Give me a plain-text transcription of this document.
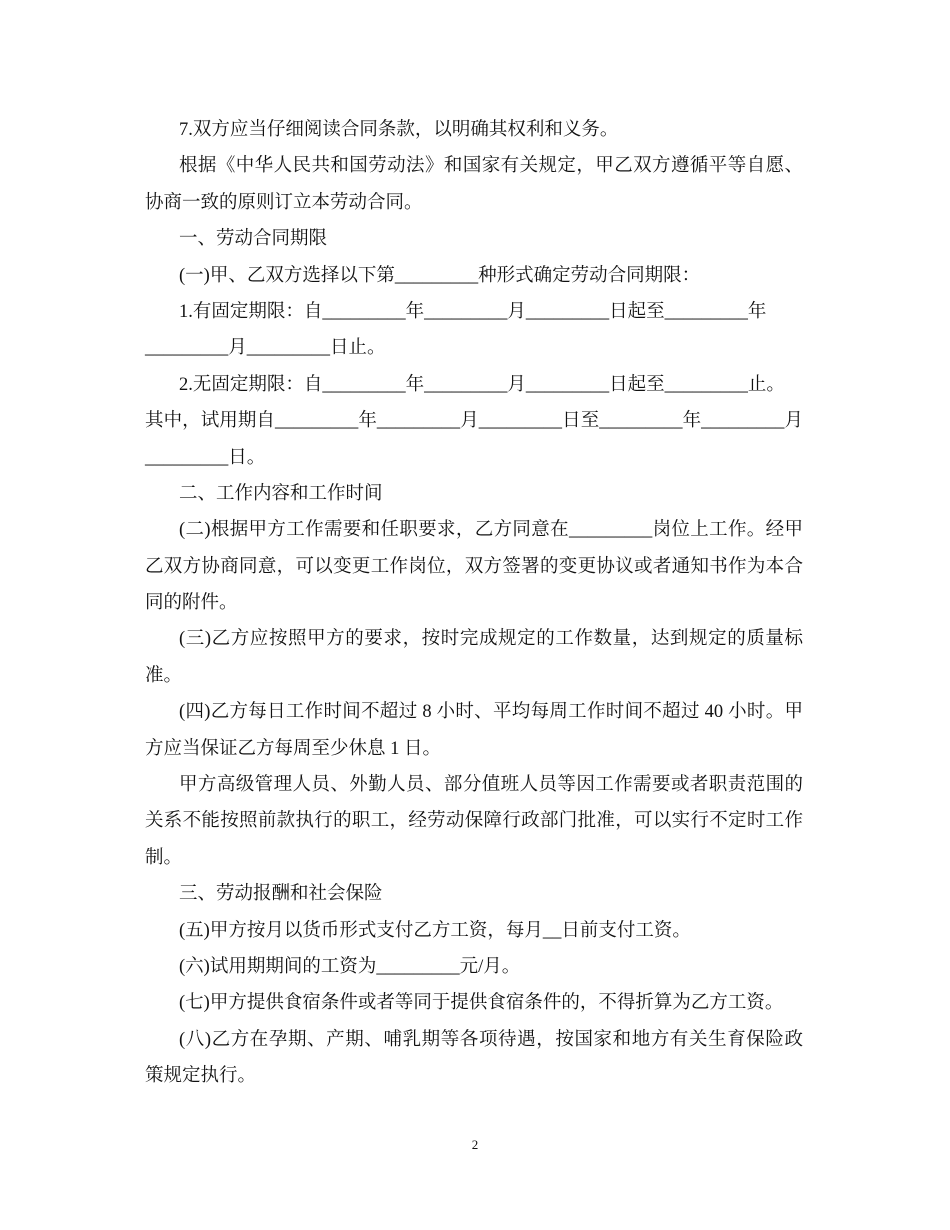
7.双方应当仔细阅读合同条款，以明确其权利和义务。
根据《中华人民共和国劳动法》和国家有关规定，甲乙双方遵循平等自愿、
协商一致的原则订立本劳动合同。
一、劳动合同期限
(一)甲、乙双方选择以下第_________种形式确定劳动合同期限：
1.有固定期限：自_________年_________月_________日起至_________年
_________月_________日止。
2.无固定期限：自_________年_________月_________日起至_________止。
其中，试用期自_________年_________月_________日至_________年_________月
_________日。
二、工作内容和工作时间
(二)根据甲方工作需要和任职要求，乙方同意在_________岗位上工作。经甲
乙双方协商同意，可以变更工作岗位，双方签署的变更协议或者通知书作为本合
同的附件。
(三)乙方应按照甲方的要求，按时完成规定的工作数量，达到规定的质量标
准。
(四)乙方每日工作时间不超过 8 小时、平均每周工作时间不超过 40 小时。甲
方应当保证乙方每周至少休息 1 日。
甲方高级管理人员、外勤人员、部分值班人员等因工作需要或者职责范围的
关系不能按照前款执行的职工，经劳动保障行政部门批准，可以实行不定时工作
制。
三、劳动报酬和社会保险
(五)甲方按月以货币形式支付乙方工资，每月__日前支付工资。
(六)试用期期间的工资为_________元/月。
(七)甲方提供食宿条件或者等同于提供食宿条件的，不得折算为乙方工资。
(八)乙方在孕期、产期、哺乳期等各项待遇，按国家和地方有关生育保险政
策规定执行。
2
